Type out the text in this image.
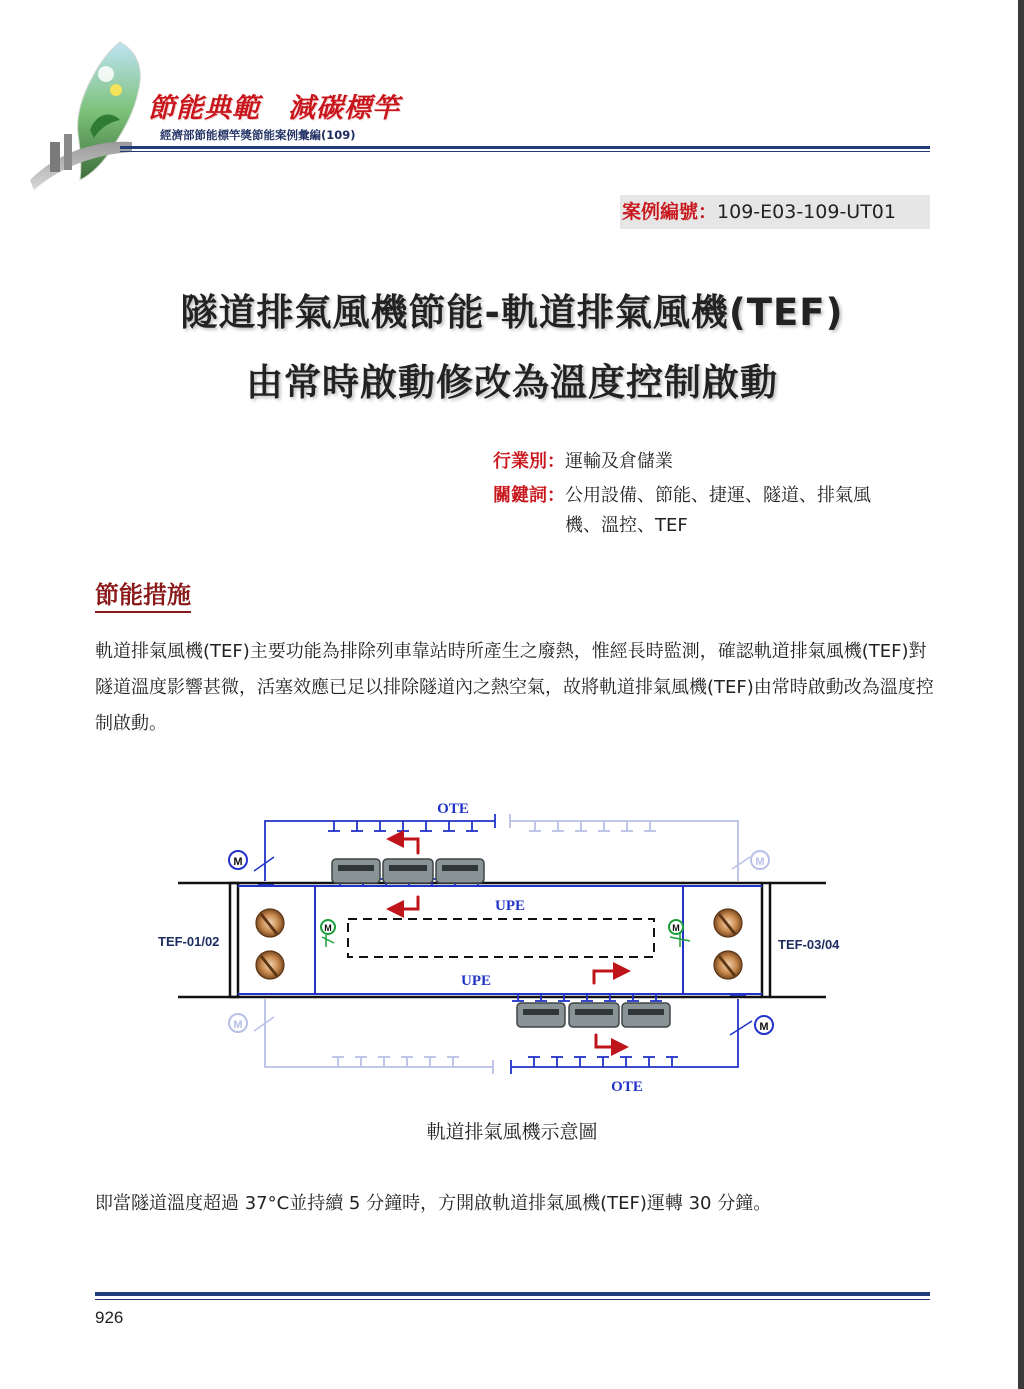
節能典範　減碳標竿
經濟部節能標竿獎節能案例彙編(109)
案例編號：109-E03-109-UT01
隧道排氣風機節能-軌道排氣風機(TEF)
由常時啟動修改為溫度控制啟動
行業別：運輸及倉儲業
關鍵詞：公用設備、節能、捷運、隧道、排氣風機、溫控、TEF
節能措施
軌道排氣風機(TEF)主要功能為排除列車靠站時所產生之廢熱，惟經長時監測，確認軌道排氣風機(TEF)對隧道溫度影響甚微，活塞效應已足以排除隧道內之熱空氣，故將軌道排氣風機(TEF)由常時啟動改為溫度控制啟動。
M	M
M	M
M	M
OTE
OTE
UPE
UPE
TEF-01/02	TEF-03/04
軌道排氣風機示意圖
即當隧道溫度超過 37°C並持續 5 分鐘時，方開啟軌道排氣風機(TEF)運轉 30 分鐘。
926
